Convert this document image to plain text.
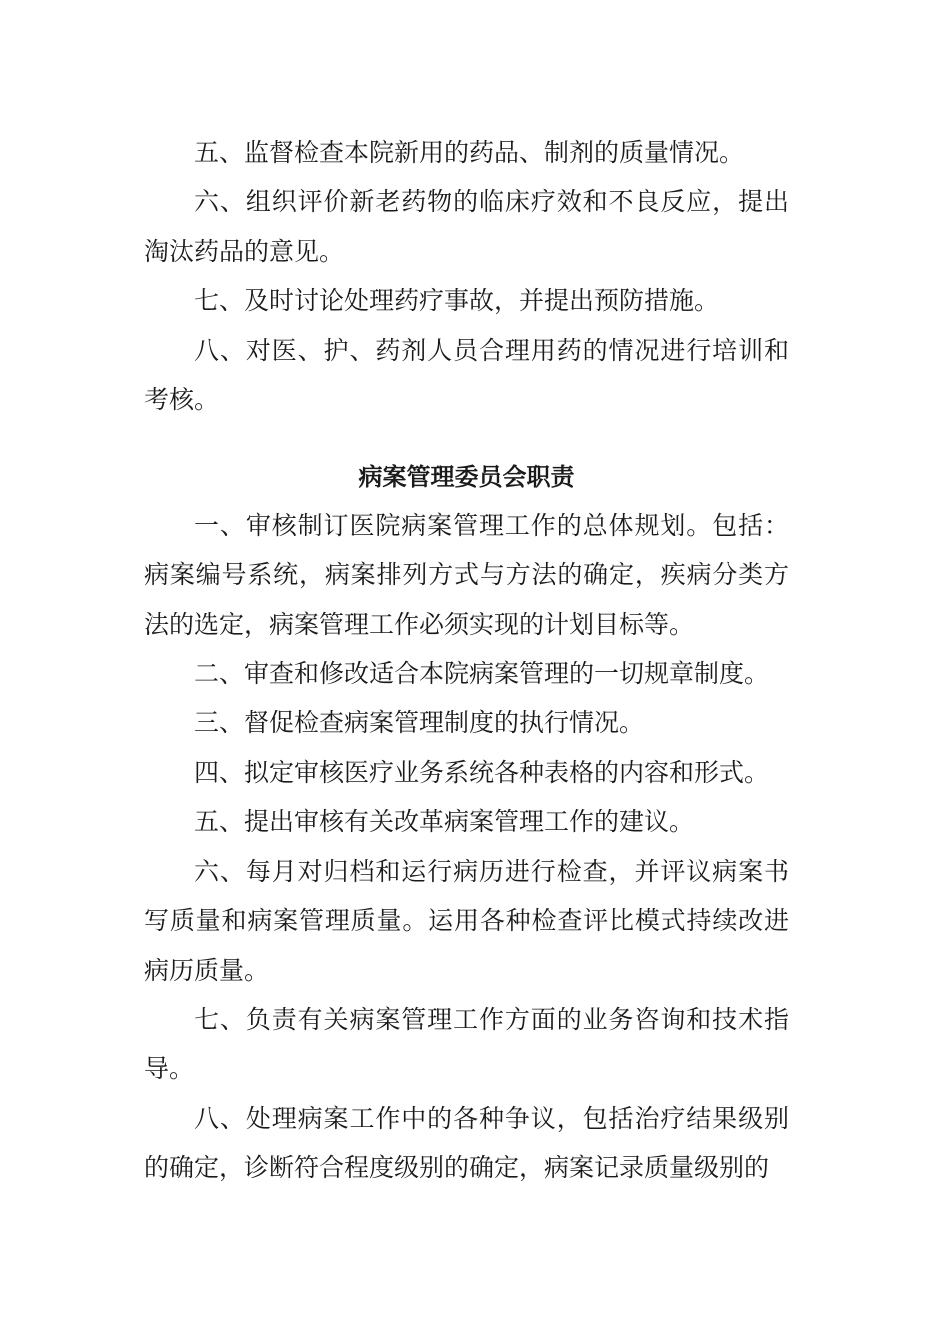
五、监督检查本院新用的药品、制剂的质量情况。

六、组织评价新老药物的临床疗效和不良反应，提出淘汰药品的意见。

七、及时讨论处理药疗事故，并提出预防措施。

八、对医、护、药剂人员合理用药的情况进行培训和考核。

病案管理委员会职责

一、审核制订医院病案管理工作的总体规划。包括：病案编号系统，病案排列方式与方法的确定，疾病分类方法的选定，病案管理工作必须实现的计划目标等。

二、审查和修改适合本院病案管理的一切规章制度。

三、督促检查病案管理制度的执行情况。

四、拟定审核医疗业务系统各种表格的内容和形式。

五、提出审核有关改革病案管理工作的建议。

六、每月对归档和运行病历进行检查，并评议病案书写质量和病案管理质量。运用各种检查评比模式持续改进病历质量。

七、负责有关病案管理工作方面的业务咨询和技术指导。

八、处理病案工作中的各种争议，包括治疗结果级别的确定，诊断符合程度级别的确定，病案记录质量级别的
